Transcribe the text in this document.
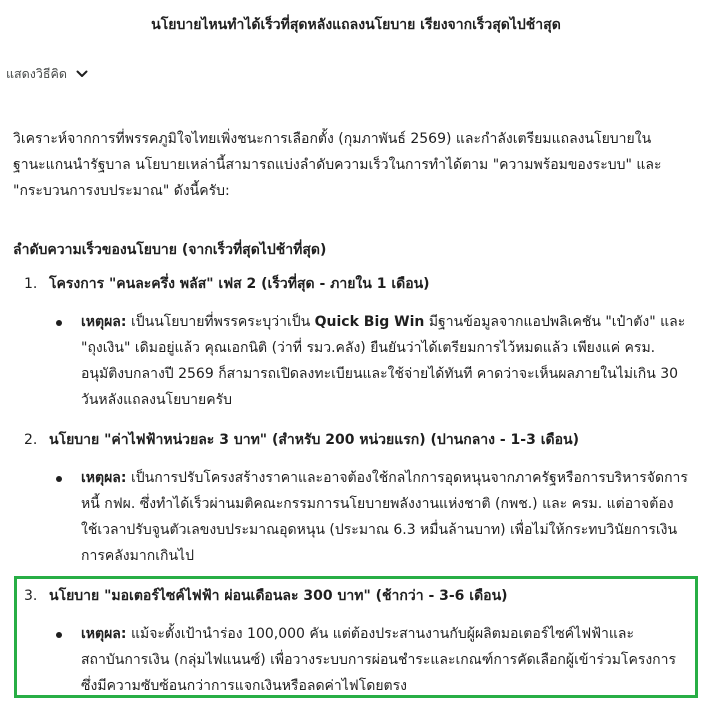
นโยบายไหนทำได้เร็วที่สุดหลังแถลงนโยบาย เรียงจากเร็วสุดไปช้าสุด
แสดงวิธีคิด
วิเคราะห์จากการที่พรรคภูมิใจไทยเพิ่งชนะการเลือกตั้ง (กุมภาพันธ์ 2569) และกำลังเตรียมแถลงนโยบายใน
ฐานะแกนนำรัฐบาล นโยบายเหล่านี้สามารถแบ่งลำดับความเร็วในการทำได้ตาม "ความพร้อมของระบบ" และ
"กระบวนการงบประมาณ" ดังนี้ครับ:
ลำดับความเร็วของนโยบาย (จากเร็วที่สุดไปช้าที่สุด)
1. โครงการ "คนละครึ่ง พลัส" เฟส 2 (เร็วที่สุด - ภายใน 1 เดือน)
เหตุผล: เป็นนโยบายที่พรรคระบุว่าเป็น Quick Big Win มีฐานข้อมูลจากแอปพลิเคชัน "เป๋าตัง" และ
"ถุงเงิน" เดิมอยู่แล้ว คุณเอกนิติ (ว่าที่ รมว.คลัง) ยืนยันว่าได้เตรียมการไว้หมดแล้ว เพียงแค่ ครม.
อนุมัติงบกลางปี 2569 ก็สามารถเปิดลงทะเบียนและใช้จ่ายได้ทันที คาดว่าจะเห็นผลภายในไม่เกิน 30
วันหลังแถลงนโยบายครับ
2. นโยบาย "ค่าไฟฟ้าหน่วยละ 3 บาท" (สำหรับ 200 หน่วยแรก) (ปานกลาง - 1-3 เดือน)
เหตุผล: เป็นการปรับโครงสร้างราคาและอาจต้องใช้กลไกการอุดหนุนจากภาครัฐหรือการบริหารจัดการ
หนี้ กฟผ. ซึ่งทำได้เร็วผ่านมติคณะกรรมการนโยบายพลังงานแห่งชาติ (กพช.) และ ครม. แต่อาจต้อง
ใช้เวลาปรับจูนตัวเลขงบประมาณอุดหนุน (ประมาณ 6.3 หมื่นล้านบาท) เพื่อไม่ให้กระทบวินัยการเงิน
การคลังมากเกินไป
3. นโยบาย "มอเตอร์ไซค์ไฟฟ้า ผ่อนเดือนละ 300 บาท" (ช้ากว่า - 3-6 เดือน)
เหตุผล: แม้จะตั้งเป้านำร่อง 100,000 คัน แต่ต้องประสานงานกับผู้ผลิตมอเตอร์ไซค์ไฟฟ้าและ
สถาบันการเงิน (กลุ่มไฟแนนซ์) เพื่อวางระบบการผ่อนชำระและเกณฑ์การคัดเลือกผู้เข้าร่วมโครงการ
ซึ่งมีความซับซ้อนกว่าการแจกเงินหรือลดค่าไฟโดยตรง
